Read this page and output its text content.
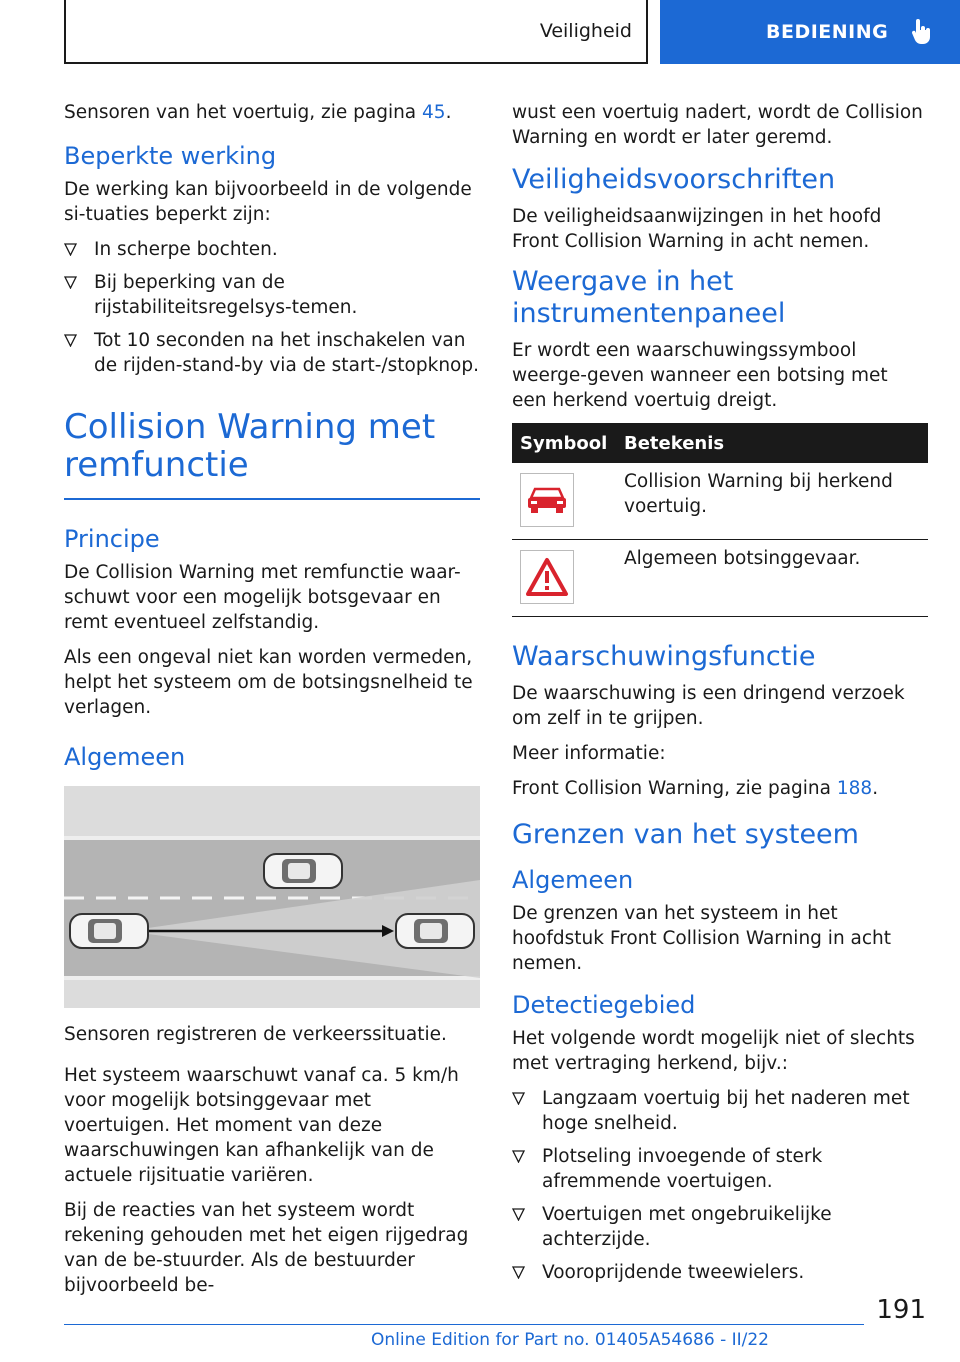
Veiligheid	BEDIENING

Sensoren van het voertuig, zie pagina 45.

Beperkte werking

De werking kan bijvoorbeeld in de volgende si-tuaties beperkt zijn:

In scherpe bochten.
Bij beperking van de rijstabiliteitsregelsys-temen.
Tot 10 seconden na het inschakelen van de rijden-stand-by via de start-/stopknop.
Collision Warning met remfunctie
Principe

De Collision Warning met remfunctie waar-schuwt voor een mogelijk botsgevaar en remt eventueel zelfstandig.

Als een ongeval niet kan worden vermeden, helpt het systeem om de botsingsnelheid te verlagen.

Algemeen

Sensoren registreren de verkeerssituatie.

Het systeem waarschuwt vanaf ca. 5 km/h voor mogelijk botsinggevaar met voertuigen. Het moment van deze waarschuwingen kan afhankelijk van de actuele rijsituatie variëren.

Bij de reacties van het systeem wordt rekening gehouden met het eigen rijgedrag van de be-stuurder. Als de bestuurder bijvoorbeeld be-

wust een voertuig nadert, wordt de Collision Warning en wordt er later geremd.

Veiligheidsvoorschriften

De veiligheidsaanwijzingen in het hoofd Front Collision Warning in acht nemen.

Weergave in het instrumentenpaneel

Er wordt een waarschuwingssymbool weerge-geven wanneer een botsing met een herkend voertuig dreigt.

Symbool	Betekenis

	Collision Warning bij herkend voertuig.

	Algemeen botsinggevaar.
Waarschuwingsfunctie

De waarschuwing is een dringend verzoek om zelf in te grijpen.

Meer informatie:

Front Collision Warning, zie pagina 188.

Grenzen van het systeem
Algemeen

De grenzen van het systeem in het hoofdstuk Front Collision Warning in acht nemen.

Detectiegebied

Het volgende wordt mogelijk niet of slechts met vertraging herkend, bijv.:

Langzaam voertuig bij het naderen met hoge snelheid.
Plotseling invoegende of sterk afremmende voertuigen.
Voertuigen met ongebruikelijke achterzijde.
Vooroprijdende tweewielers.
191
Online Edition for Part no. 01405A54686 - II/22
